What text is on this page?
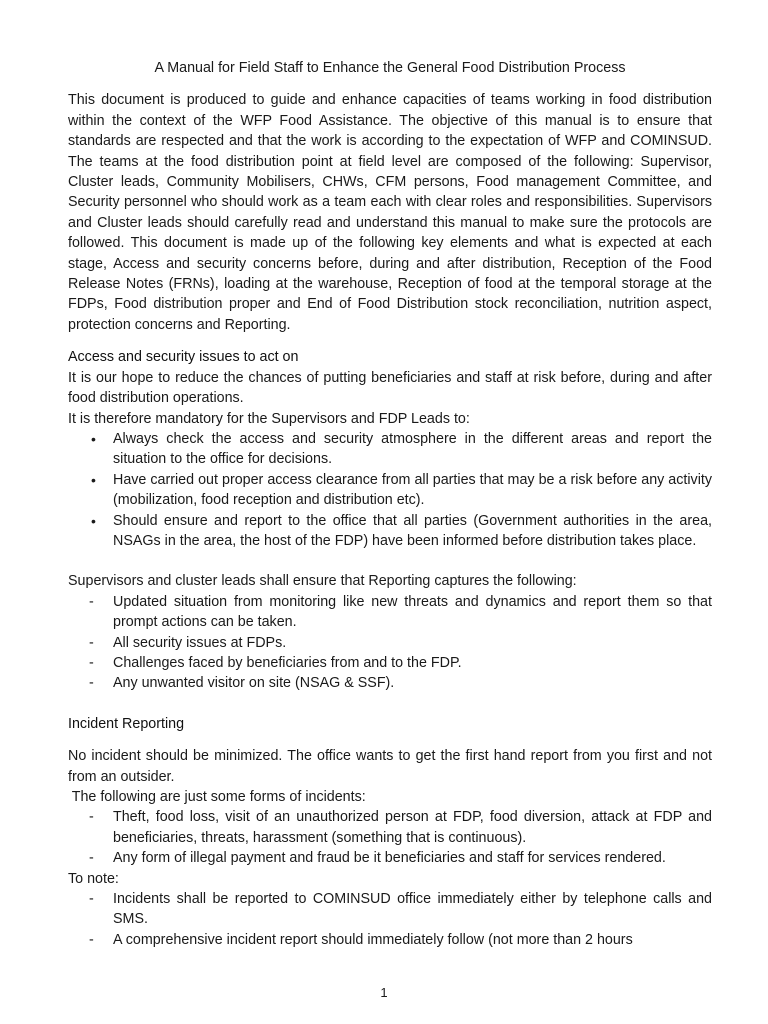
A Manual for Field Staff to Enhance the General Food Distribution Process

This document is produced to guide and enhance capacities of teams working in food distribution within the context of the WFP Food Assistance. The objective of this manual is to ensure that standards are respected and that the work is according to the expectation of WFP and COMINSUD. The teams at the food distribution point at field level are composed of the following: Supervisor, Cluster leads, Community Mobilisers, CHWs, CFM persons, Food management Committee, and Security personnel who should work as a team each with clear roles and responsibilities. Supervisors and Cluster leads should carefully read and understand this manual to make sure the protocols are followed. This document is made up of the following key elements and what is expected at each stage, Access and security concerns before, during and after distribution, Reception of the Food Release Notes (FRNs), loading at the warehouse, Reception of food at the temporal storage at the FDPs, Food distribution proper and End of Food Distribution stock reconciliation, nutrition aspect, protection concerns and Reporting.

Access and security issues to act on

It is our hope to reduce the chances of putting beneficiaries and staff at risk before, during and after food distribution operations.

It is therefore mandatory for the Supervisors and FDP Leads to:

• Always check the access and security atmosphere in the different areas and report the situation to the office for decisions.
• Have carried out proper access clearance from all parties that may be a risk before any activity (mobilization, food reception and distribution etc).
• Should ensure and report to the office that all parties (Government authorities in the area, NSAGs in the area, the host of the FDP) have been informed before distribution takes place.

Supervisors and cluster leads shall ensure that Reporting captures the following:

- Updated situation from monitoring like new threats and dynamics and report them so that prompt actions can be taken.
- All security issues at FDPs.
- Challenges faced by beneficiaries from and to the FDP.
- Any unwanted visitor on site (NSAG & SSF).

Incident Reporting

No incident should be minimized. The office wants to get the first hand report from you first and not from an outsider.

The following are just some forms of incidents:

- Theft, food loss, visit of an unauthorized person at FDP, food diversion, attack at FDP and beneficiaries, threats, harassment (something that is continuous).
- Any form of illegal payment and fraud be it beneficiaries and staff for services rendered.

To note:

- Incidents shall be reported to COMINSUD office immediately either by telephone calls and SMS.
- A comprehensive incident report should immediately follow (not more than 2 hours
1
